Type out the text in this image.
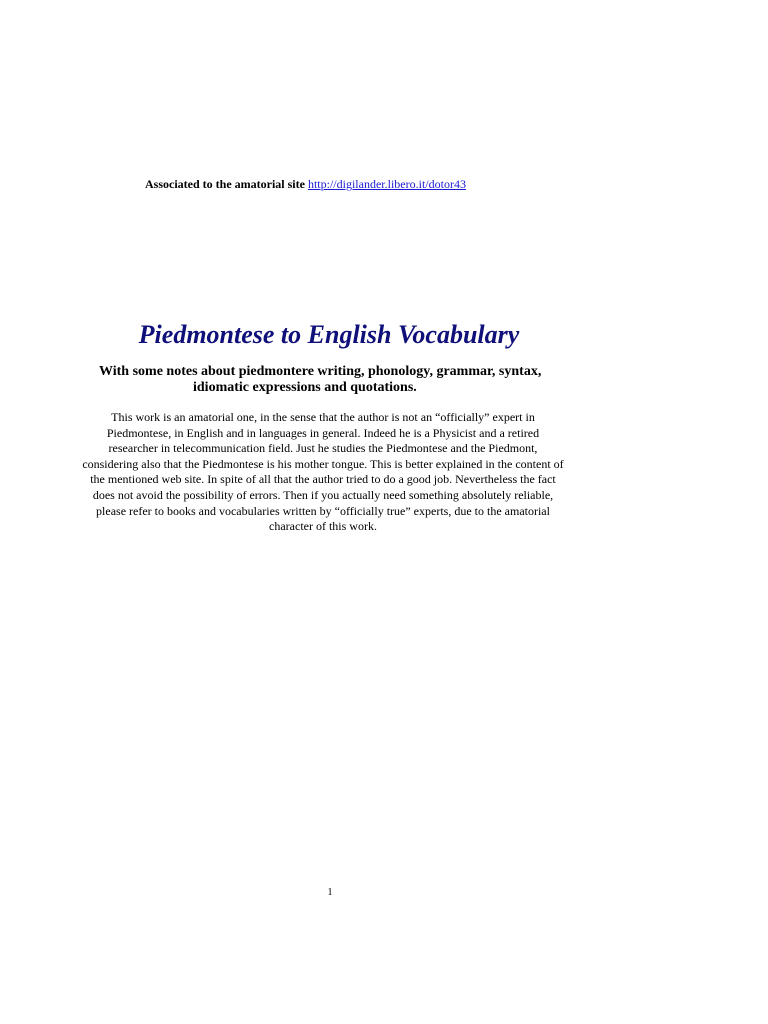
Associated to the amatorial site http://digilander.libero.it/dotor43
Piedmontese to English Vocabulary
With some notes about piedmontere writing, phonology, grammar, syntax,
idiomatic expressions and quotations.
This work is an amatorial one, in the sense that the author is not an “officially” expert in
Piedmontese, in English and in languages in general. Indeed he is a Physicist and a retired
researcher in telecommunication field. Just he studies the Piedmontese and the Piedmont,
considering also that the Piedmontese is his mother tongue. This is better explained in the content of
the mentioned web site. In spite of all that the author tried to do a good job. Nevertheless the fact
does not avoid the possibility of errors. Then if you actually need something absolutely reliable,
please refer to books and vocabularies written by “officially true” experts, due to the amatorial
character of this work.
1
